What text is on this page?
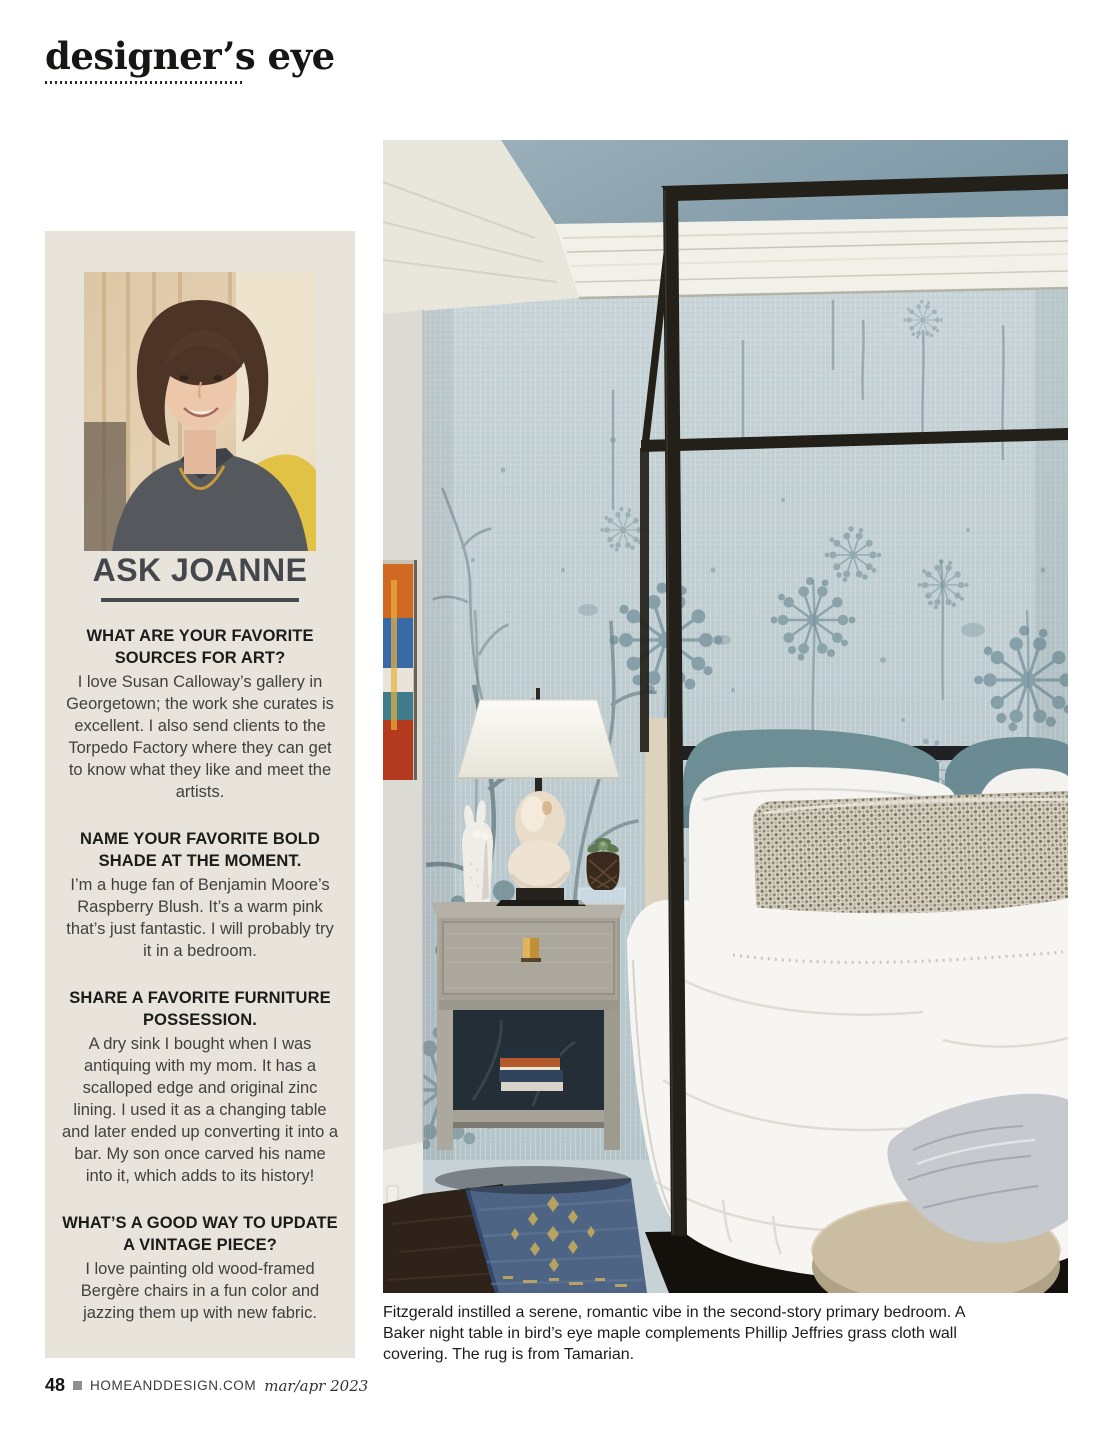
designer’s eye
ASK JOANNE

WHAT ARE YOUR FAVORITE SOURCES FOR ART?

I love Susan Calloway’s gallery in Georgetown; the work she curates is excellent. I also send clients to the Torpedo Factory where they can get to know what they like and meet the artists.

NAME YOUR FAVORITE BOLD SHADE AT THE MOMENT.

I’m a huge fan of Benjamin Moore’s Raspberry Blush. It’s a warm pink that’s just fantastic. I will probably try it in a bedroom.

SHARE A FAVORITE FURNITURE POSSESSION.

A dry sink I bought when I was antiquing with my mom. It has a scalloped edge and original zinc lining. I used it as a changing table and later ended up converting it into a bar. My son once carved his name into it, which adds to its history!

WHAT’S A GOOD WAY TO UPDATE A VINTAGE PIECE?

I love painting old wood-framed Bergère chairs in a fun color and jazzing them up with new fabric.	Fitzgerald instilled a serene, romantic vibe in the second-story primary bedroom. A Baker night table in bird’s eye maple complements Phillip Jeffries grass cloth wall covering. The rug is from Tamarian.
48 HOMEANDDESIGN.COM mar/apr 2023
